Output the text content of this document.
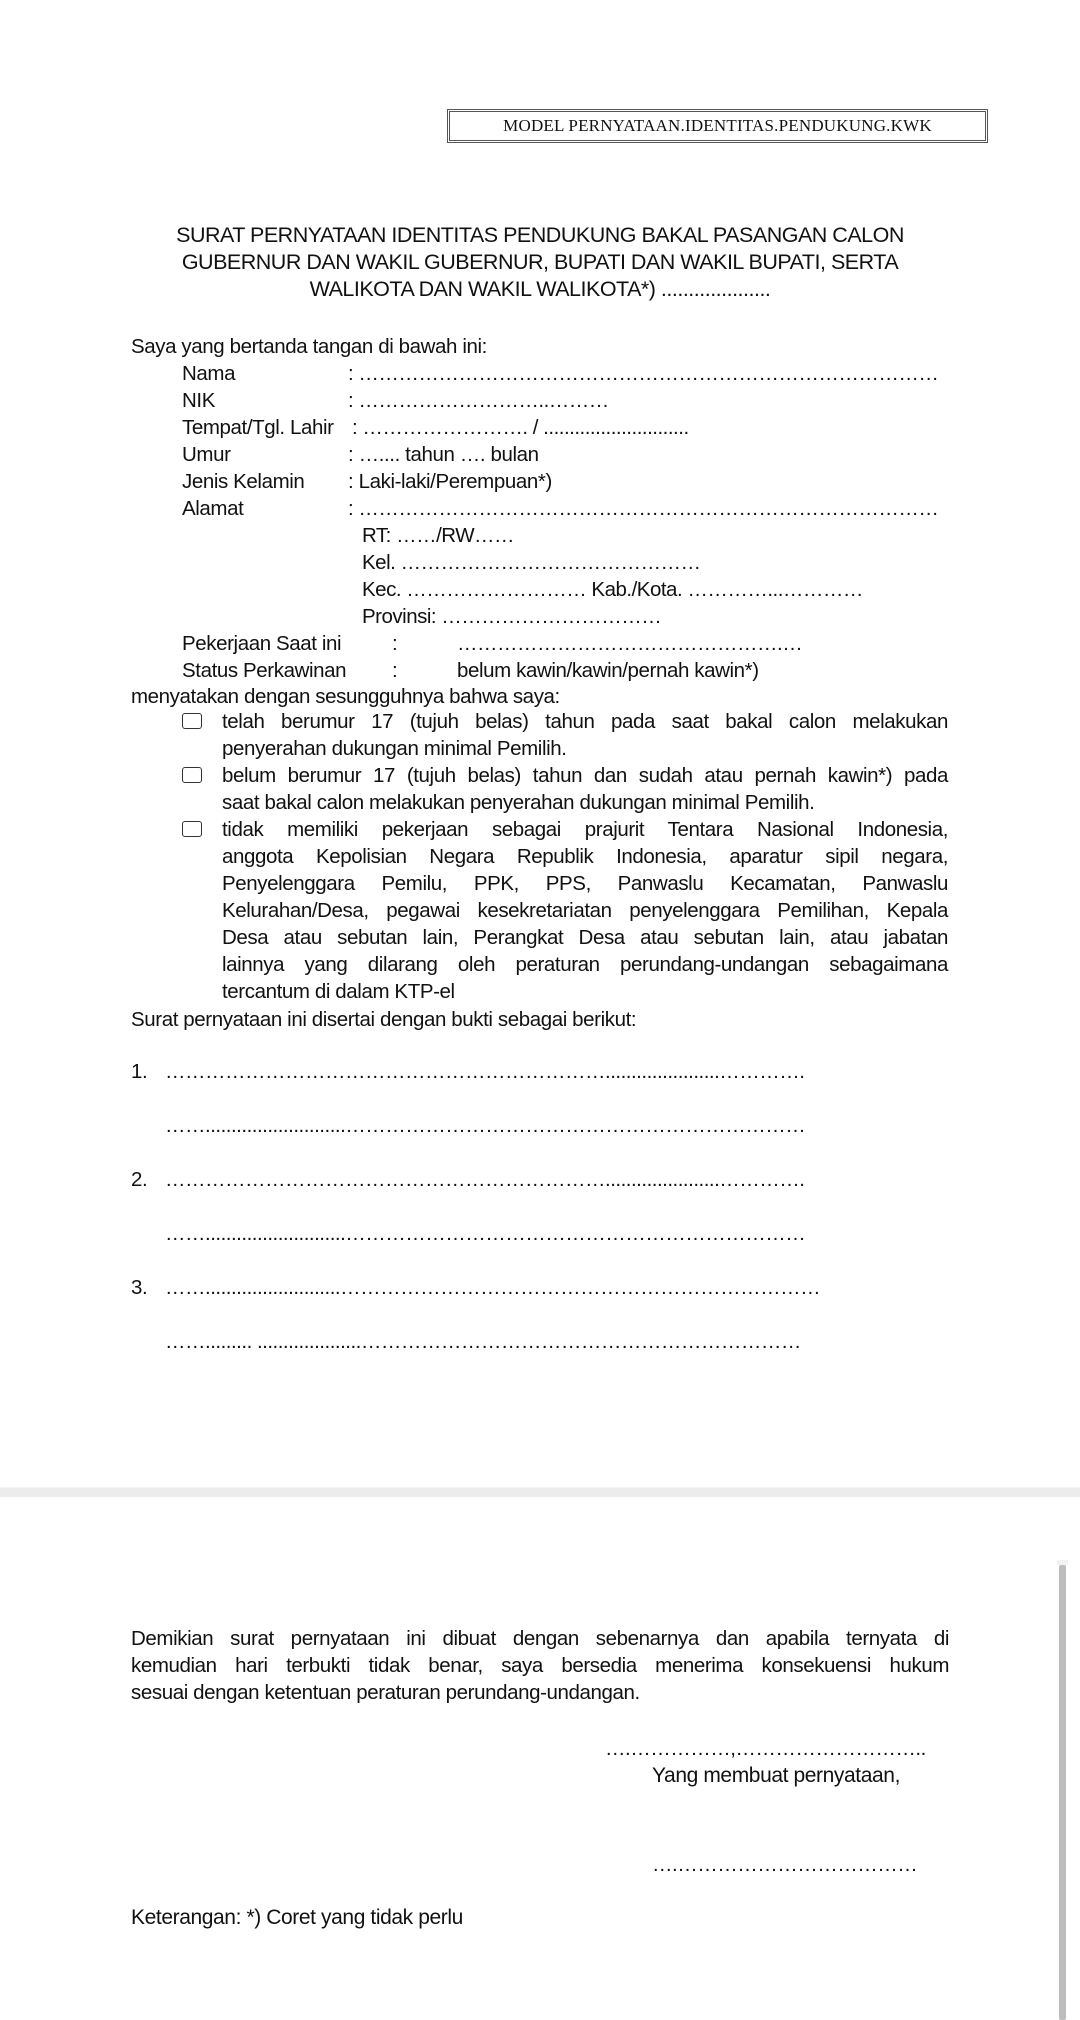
MODEL PERNYATAAN.IDENTITAS.PENDUKUNG.KWK
SURAT PERNYATAAN IDENTITAS PENDUKUNG BAKAL PASANGAN CALON
GUBERNUR DAN WAKIL GUBERNUR, BUPATI DAN WAKIL BUPATI, SERTA
WALIKOTA DAN WAKIL WALIKOTA*) ....................
Saya yang bertanda tangan di bawah ini:
Nama	: ……………………………………………………………………………
NIK	: ………………………..………
Tempat/Tgl. Lahir : ……………………. / ............................
Umur	: ….... tahun …. bulan
Jenis Kelamin : Laki-laki/Perempuan*)
Alamat	: ……………………………………………………………………………
RT: ……/RW……
Kel. ………………………………………
Kec. ……………………… Kab./Kota. …………...…………
Provinsi: ……………………………
Pekerjaan Saat ini :	………………………………………….…
Status Perkawinan :	belum kawin/kawin/pernah kawin*)
menyatakan dengan sesungguhnya bahwa saya:
telah berumur 17 (tujuh belas) tahun pada saat bakal calon melakukan
penyerahan dukungan minimal Pemilih.
belum berumur 17 (tujuh belas) tahun dan sudah atau pernah kawin*) pada
saat bakal calon melakukan penyerahan dukungan minimal Pemilih.
tidak memiliki pekerjaan sebagai prajurit Tentara Nasional Indonesia,
anggota Kepolisian Negara Republik Indonesia, aparatur sipil negara,
Penyelenggara Pemilu, PPK, PPS, Panwaslu Kecamatan, Panwaslu
Kelurahan/Desa, pegawai kesekretariatan penyelenggara Pemilihan, Kepala
Desa atau sebutan lain, Perangkat Desa atau sebutan lain, atau jabatan
lainnya yang dilarang oleh peraturan perundang-undangan sebagaimana
tercantum di dalam KTP-el
Surat pernyataan ini disertai dengan bukti sebagai berikut:
1. …………………………………………………………......................………….
……...........................……………………………………………………………
2. …………………………………………………………......................………….
……...........................……………………………………………………………
3. ……..........................………………………………………………………………
……......... ....................…………………………………………………………
Demikian surat pernyataan ini dibuat dengan sebenarnya dan apabila ternyata di
kemudian hari terbukti tidak benar, saya bersedia menerima konsekuensi hukum
sesuai dengan ketentuan peraturan perundang-undangan.
….……………,………………………..
Yang membuat pernyataan,
….………………………………
Keterangan: *) Coret yang tidak perlu
